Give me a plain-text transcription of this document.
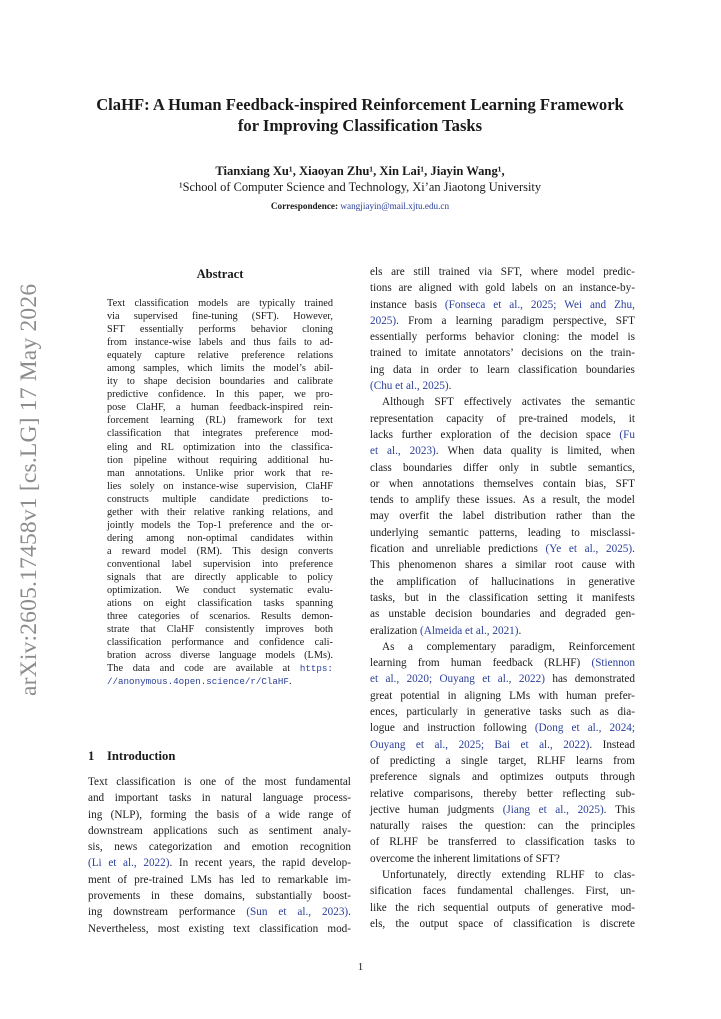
arXiv:2605.17458v1 [cs.LG] 17 May 2026
ClaHF: A Human Feedback-inspired Reinforcement Learning Framework
for Improving Classification Tasks
Tianxiang Xu¹, Xiaoyan Zhu¹, Xin Lai¹, Jiayin Wang¹,
¹School of Computer Science and Technology, Xi’an Jiaotong University
Correspondence: wangjiayin@mail.xjtu.edu.cn
Abstract
Text classification models are typically trained
via supervised fine-tuning (SFT). However,
SFT essentially performs behavior cloning
from instance-wise labels and thus fails to ad-
equately capture relative preference relations
among samples, which limits the model’s abil-
ity to shape decision boundaries and calibrate
predictive confidence. In this paper, we pro-
pose ClaHF, a human feedback-inspired rein-
forcement learning (RL) framework for text
classification that integrates preference mod-
eling and RL optimization into the classifica-
tion pipeline without requiring additional hu-
man annotations. Unlike prior work that re-
lies solely on instance-wise supervision, ClaHF
constructs multiple candidate predictions to-
gether with their relative ranking relations, and
jointly models the Top-1 preference and the or-
dering among non-optimal candidates within
a reward model (RM). This design converts
conventional label supervision into preference
signals that are directly applicable to policy
optimization. We conduct systematic evalu-
ations on eight classification tasks spanning
three categories of scenarios. Results demon-
strate that ClaHF consistently improves both
classification performance and confidence cali-
bration across diverse language models (LMs).
The data and code are available at https:
//anonymous.4open.science/r/ClaHF.
1 Introduction
Text classification is one of the most fundamental
and important tasks in natural language process-
ing (NLP), forming the basis of a wide range of
downstream applications such as sentiment analy-
sis, news categorization and emotion recognition
(Li et al., 2022). In recent years, the rapid develop-
ment of pre-trained LMs has led to remarkable im-
provements in these domains, substantially boost-
ing downstream performance (Sun et al., 2023).
Nevertheless, most existing text classification mod-
els are still trained via SFT, where model predic-
tions are aligned with gold labels on an instance-by-
instance basis (Fonseca et al., 2025; Wei and Zhu,
2025). From a learning paradigm perspective, SFT
essentially performs behavior cloning: the model is
trained to imitate annotators’ decisions on the train-
ing data in order to learn classification boundaries
(Chu et al., 2025).
Although SFT effectively activates the semantic
representation capacity of pre-trained models, it
lacks further exploration of the decision space (Fu
et al., 2023). When data quality is limited, when
class boundaries differ only in subtle semantics,
or when annotations themselves contain bias, SFT
tends to amplify these issues. As a result, the model
may overfit the label distribution rather than the
underlying semantic patterns, leading to misclassi-
fication and unreliable predictions (Ye et al., 2025).
This phenomenon shares a similar root cause with
the amplification of hallucinations in generative
tasks, but in the classification setting it manifests
as unstable decision boundaries and degraded gen-
eralization (Almeida et al., 2021).
As a complementary paradigm, Reinforcement
learning from human feedback (RLHF) (Stiennon
et al., 2020; Ouyang et al., 2022) has demonstrated
great potential in aligning LMs with human prefer-
ences, particularly in generative tasks such as dia-
logue and instruction following (Dong et al., 2024;
Ouyang et al., 2025; Bai et al., 2022). Instead
of predicting a single target, RLHF learns from
preference signals and optimizes outputs through
relative comparisons, thereby better reflecting sub-
jective human judgments (Jiang et al., 2025). This
naturally raises the question: can the principles
of RLHF be transferred to classification tasks to
overcome the inherent limitations of SFT?
Unfortunately, directly extending RLHF to clas-
sification faces fundamental challenges. First, un-
like the rich sequential outputs of generative mod-
els, the output space of classification is discrete
1
